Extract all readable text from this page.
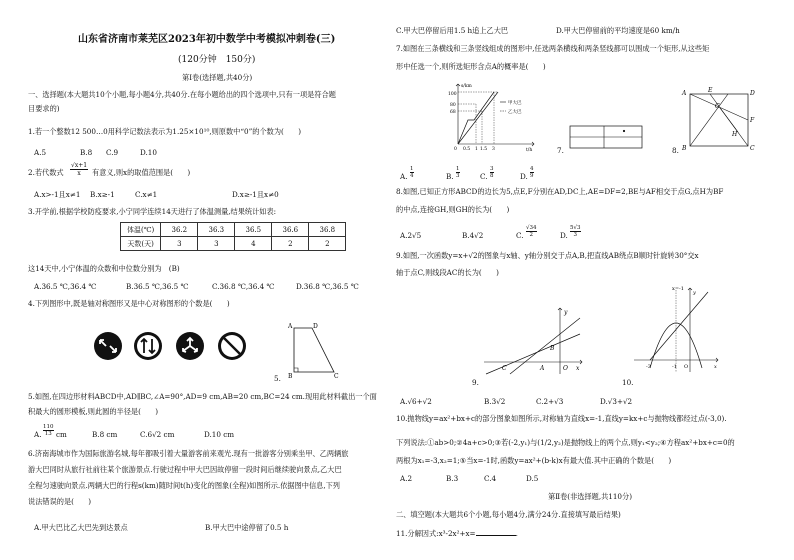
山东省济南市莱芜区2023年初中数学中考模拟冲刺卷(三)
(120分钟　150分)
第Ⅰ卷(选择题,共40分)
一、选择题(本大题共10个小题,每小题4分,共40分.在每小题给出的四个选项中,只有一项是符合题
目要求的)
1.若一个整数12 500…0用科学记数法表示为1.25×10¹⁰,则原数中“0”的个数为(　　)
A.5	B.8 C.9	D.10
2.若代数式 $\frac{√x+1}{x}$ 有意义,则x的取值范围是(　　)
A.x>-1且x≠1 B.x≥-1	C.x≠1	D.x≥-1且x≠0
3.开学前,根据学校防疫要求,小宁同学连续14天进行了体温测量,结果统计如表:
体温(℃)	36.2	36.3	36.5	36.6	36.8
天数(天)	3	3	4	2	2
这14天中,小宁体温的众数和中位数分别为　(B)
A.36.5 ℃,36.4 ℃	B.36.5 ℃,36.5 ℃	C.36.8 ℃,36.4 ℃	D.36.8 ℃,36.5 ℃
4.下列图形中,既是轴对称图形又是中心对称图形的个数是(　　)
A	D
B	C
5.
5.如图,在四边形材料ABCD中,AD∥BC,∠A=90°,AD=9 cm,AB=20 cm,BC=24 cm.现用此材料截出一个面
积最大的圆形模板,则此圆的半径是(　　)
A. $\frac{110}{13}$ cm	B.8 cm	C.6√2 cm	D.10 cm
6.济南海城市作为国际旅游名城,每年都吸引着大量游客前来观光.现有一批游客分别乘坐甲、乙两辆旅
游大巴同时从旅行社前往某个旅游景点.行驶过程中甲大巴因故停留一段时间后继续驶向景点,乙大巴
全程匀速驶向景点.两辆大巴的行程s(km)随时间t(h)变化的图象(全程)如图所示.依据图中信息,下列
说法错误的是(　　)
A.甲大巴比乙大巴先到达景点	B.甲大巴中途停留了0.5 h
C.甲大巴停留后用1.5 h追上乙大巴	D.甲大巴停留前的平均速度是60 km/h
7.如图在三条横线和三条竖线组成的图形中,任选两条横线和两条竖线都可以围成一个矩形,从这些矩
形中任选一个,则所选矩形含点A的概率是(　　)
s/km
t/h
100
80
68
0 0.5 1 1.5 3
甲大巴
乙大巴
7.
A	E	D
F
B	C
G
H
8.
A. $\frac{1}{4}$	B. $\frac{1}{3}$	C. $\frac{3}{8}$	D. $\frac{4}{9}$
8.如图,已知正方形ABCD的边长为5,点E,F分别在AD,DC上,AE=DF=2,BE与AF相交于点G,点H为BF
的中点,连接GH,则GH的长为(　　)
A.2√5	B.4√2	C. $\frac{√34}{2}$	D. $\frac{5√3}{3}$
9.如图,一次函数y=x+√2的图象与x轴、y轴分别交于点A,B,把直线AB绕点B顺时针旋转30°交x
轴于点C,则线段AC的长为(　　)
y
x
O
B
A
C
9.
x=-1
-3	-1 O	x
y
10.
A.√6+√2	B.3√2	C.2+√3	D.√3+√2
10.抛物线y=ax²+bx+c的部分图象如图所示,对称轴为直线x=-1,直线y=kx+c与抛物线都经过点(-3,0).
下列说法:①ab>0;②4a+c>0;③若(-2,y₁)与(1/2,y₂)是抛物线上的两个点,则y₁<y₂;④方程ax²+bx+c=0的
两根为x₁=-3,x₂=1;⑤当x=-1时,函数y=ax²+(b-k)x有最大值.其中正确的个数是(　　)
A.2	B.3	C.4	D.5
第Ⅱ卷(非选择题,共110分)
二、填空题(本大题共6个小题,每小题4分,满分24分.直接填写最后结果)
11.分解因式:x³-2x²+x=	.
